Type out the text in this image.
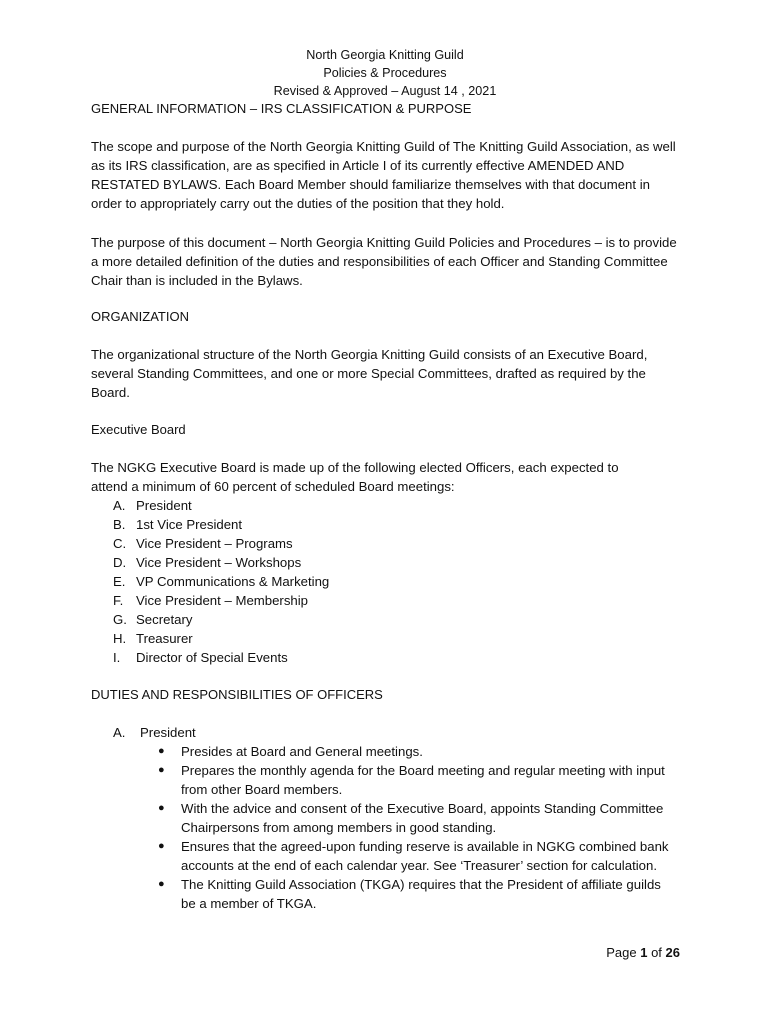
North Georgia Knitting Guild
Policies & Procedures
Revised & Approved – August 14 , 2021
GENERAL INFORMATION – IRS CLASSIFICATION & PURPOSE

The scope and purpose of the North Georgia Knitting Guild of The Knitting Guild Association, as well as its IRS classification, are as specified in Article I of its currently effective AMENDED AND RESTATED BYLAWS. Each Board Member should familiarize themselves with that document in order to appropriately carry out the duties of the position that they hold.

The purpose of this document – North Georgia Knitting Guild Policies and Procedures – is to provide a more detailed definition of the duties and responsibilities of each Officer and Standing Committee Chair than is included in the Bylaws.

ORGANIZATION

The organizational structure of the North Georgia Knitting Guild consists of an Executive Board, several Standing Committees, and one or more Special Committees, drafted as required by the Board.

Executive Board

The NGKG Executive Board is made up of the following elected Officers, each expected to attend a minimum of 60 percent of scheduled Board meetings:

A. President
B. 1st Vice President
C. Vice President – Programs
D. Vice President – Workshops
E. VP Communications & Marketing
F. Vice President – Membership
G. Secretary
H. Treasurer
I. Director of Special Events
DUTIES AND RESPONSIBILITIES OF OFFICERS
A. President
● Presides at Board and General meetings.
● Prepares the monthly agenda for the Board meeting and regular meeting with input from other Board members.
● With the advice and consent of the Executive Board, appoints Standing Committee Chairpersons from among members in good standing.
● Ensures that the agreed-upon funding reserve is available in NGKG combined bank accounts at the end of each calendar year. See ‘Treasurer’ section for calculation.
● The Knitting Guild Association (TKGA) requires that the President of affiliate guilds be a member of TKGA.
Page 1 of 26
